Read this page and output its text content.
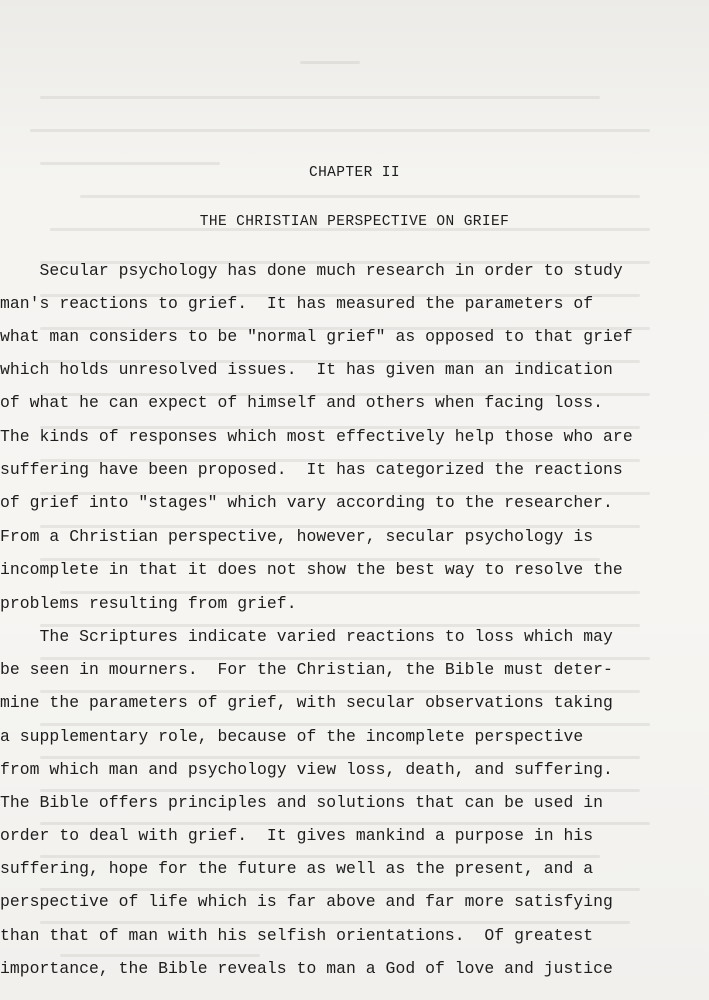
CHAPTER II
THE CHRISTIAN PERSPECTIVE ON GRIEF
Secular psychology has done much research in order to study
man's reactions to grief.  It has measured the parameters of
what man considers to be "normal grief" as opposed to that grief
which holds unresolved issues.  It has given man an indication
of what he can expect of himself and others when facing loss.
The kinds of responses which most effectively help those who are
suffering have been proposed.  It has categorized the reactions
of grief into "stages" which vary according to the researcher.
From a Christian perspective, however, secular psychology is
incomplete in that it does not show the best way to resolve the
problems resulting from grief.
The Scriptures indicate varied reactions to loss which may
be seen in mourners.  For the Christian, the Bible must deter-
mine the parameters of grief, with secular observations taking
a supplementary role, because of the incomplete perspective
from which man and psychology view loss, death, and suffering.
The Bible offers principles and solutions that can be used in
order to deal with grief.  It gives mankind a purpose in his
suffering, hope for the future as well as the present, and a
perspective of life which is far above and far more satisfying
than that of man with his selfish orientations.  Of greatest
importance, the Bible reveals to man a God of love and justice
